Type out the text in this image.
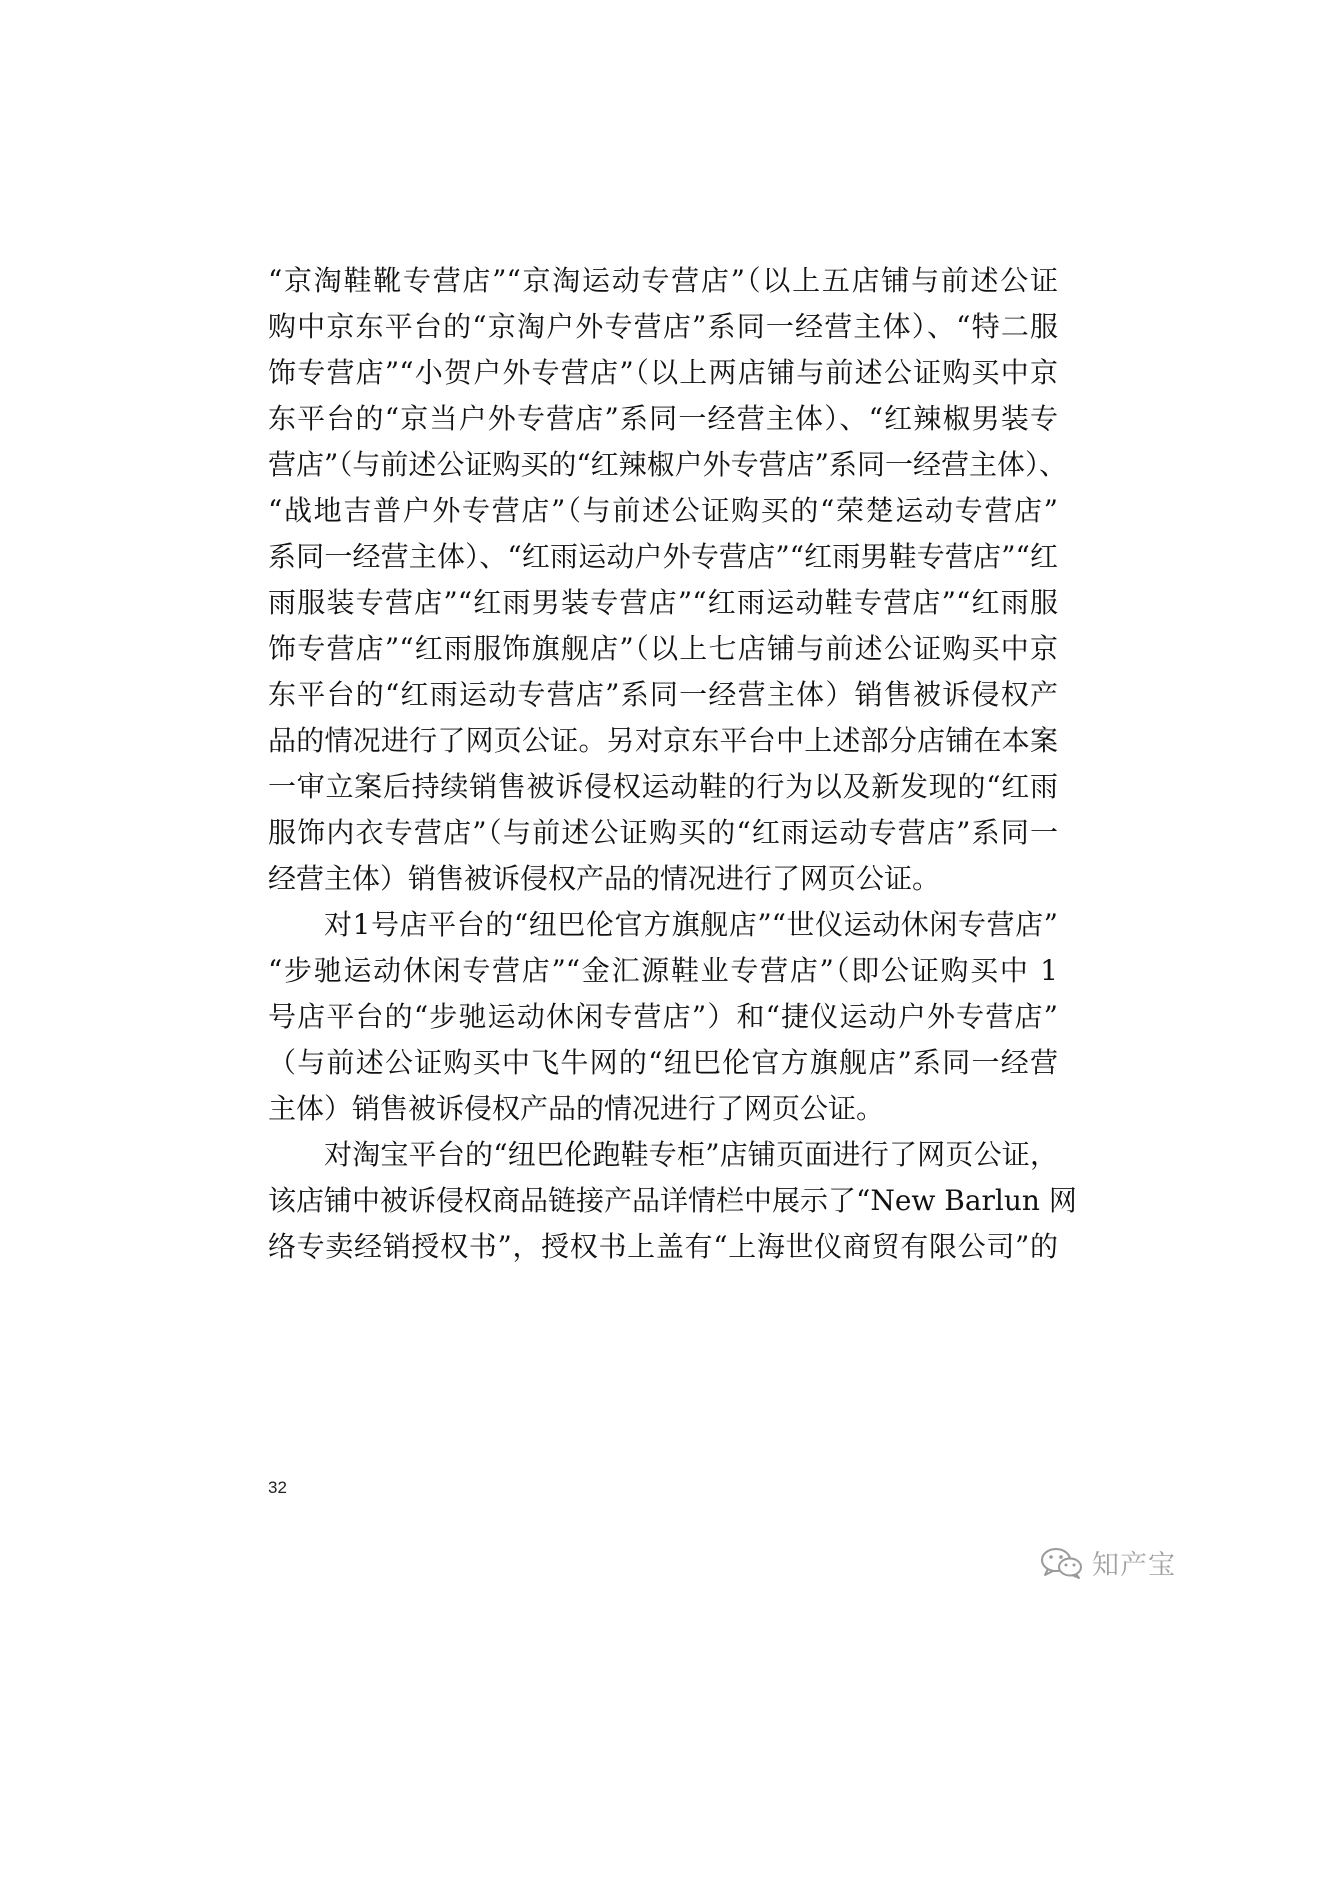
“京淘鞋靴专营店”“京淘运动专营店”（以上五店铺与前述公证
购中京东平台的“京淘户外专营店”系同一经营主体）、“特二服
饰专营店”“小贺户外专营店”（以上两店铺与前述公证购买中京
东平台的“京当户外专营店”系同一经营主体）、“红辣椒男装专
营店”（与前述公证购买的“红辣椒户外专营店”系同一经营主体）、
“战地吉普户外专营店”（与前述公证购买的“荣楚运动专营店”
系同一经营主体）、“红雨运动户外专营店”“红雨男鞋专营店”“红
雨服装专营店”“红雨男装专营店”“红雨运动鞋专营店”“红雨服
饰专营店”“红雨服饰旗舰店”（以上七店铺与前述公证购买中京
东平台的“红雨运动专营店”系同一经营主体）销售被诉侵权产
品的情况进行了网页公证。另对京东平台中上述部分店铺在本案
一审立案后持续销售被诉侵权运动鞋的行为以及新发现的“红雨
服饰内衣专营店”（与前述公证购买的“红雨运动专营店”系同一
经营主体）销售被诉侵权产品的情况进行了网页公证。
对1号店平台的“纽巴伦官方旗舰店”“世仪运动休闲专营店”
“步驰运动休闲专营店”“金汇源鞋业专营店”（即公证购买中 1
号店平台的“步驰运动休闲专营店”）和“捷仪运动户外专营店”
（与前述公证购买中飞牛网的“纽巴伦官方旗舰店”系同一经营
主体）销售被诉侵权产品的情况进行了网页公证。
对淘宝平台的“纽巴伦跑鞋专柜”店铺页面进行了网页公证，
该店铺中被诉侵权商品链接产品详情栏中展示了“New Barlun 网
络专卖经销授权书”，授权书上盖有“上海世仪商贸有限公司”的
32
知产宝
